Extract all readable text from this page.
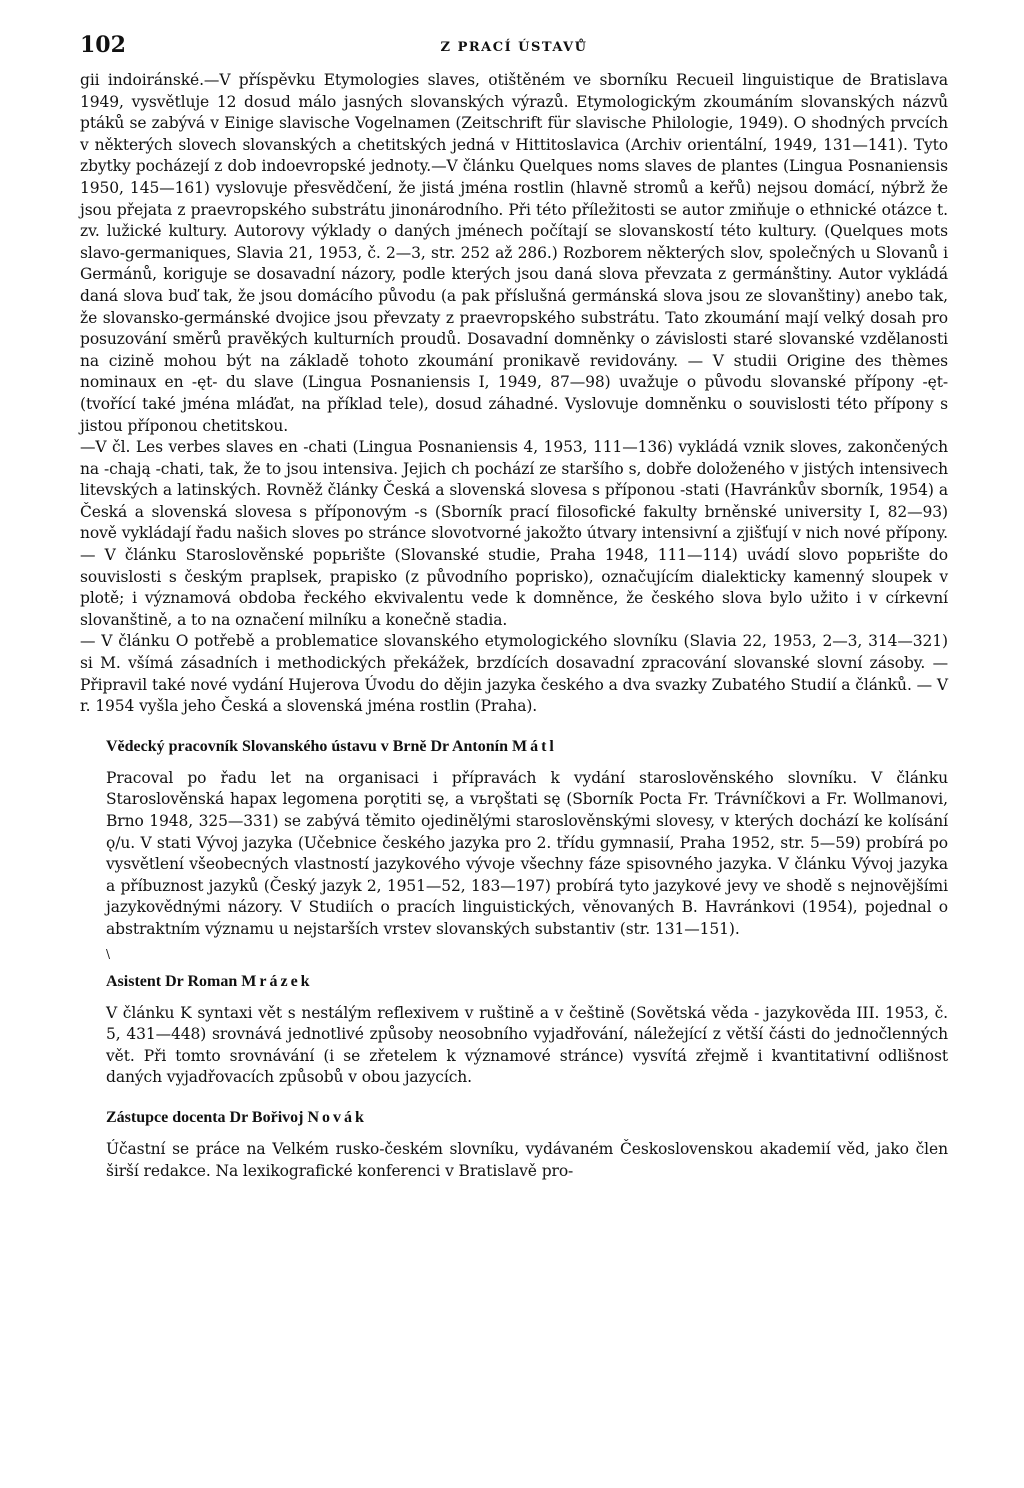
102	Z PRACÍ ÚSTAVŮ

gii indoiránské.—V příspěvku Etymologies slaves, otištěném ve sborníku Recueil linguistique de Bratislava 1949, vysvětluje 12 dosud málo jasných slovanských výrazů. Etymologickým zkoumáním slovanských názvů ptáků se zabývá v Einige slavische Vogelnamen (Zeitschrift für slavische Philologie, 1949). O shodných prvcích v některých slovech slovanských a chetitských jedná v Hittitoslavica (Archiv orientální, 1949, 131—141). Tyto zbytky pocházejí z dob indoevropské jednoty.—V článku Quelques noms slaves de plantes (Lingua Posnaniensis 1950, 145—161) vyslovuje přesvědčení, že jistá jména rostlin (hlavně stromů a keřů) nejsou domácí, nýbrž že jsou přejata z praevropského substrátu jinonárodního. Při této příležitosti se autor zmiňuje o ethnické otázce t. zv. lužické kultury. Autorovy výklady o daných jménech počítají se slovanskostí této kultury. (Quelques mots slavo-germaniques, Slavia 21, 1953, č. 2—3, str. 252 až 286.) Rozborem některých slov, společných u Slovanů i Germánů, koriguje se dosavadní názory, podle kterých jsou daná slova převzata z germánštiny. Autor vykládá daná slova buď tak, že jsou domácího původu (a pak příslušná germánská slova jsou ze slovanštiny) anebo tak, že slovansko-germánské dvojice jsou převzaty z praevropského substrátu. Tato zkoumání mají velký dosah pro posuzování směrů pravěkých kulturních proudů. Dosavadní domněnky o závislosti staré slovanské vzdělanosti na cizině mohou být na základě tohoto zkoumání pronikavě revidovány. — V studii Origine des thèmes nominaux en -ęt- du slave (Lingua Posnaniensis I, 1949, 87—98) uvažuje o původu slovanské přípony -ęt- (tvořící také jména mláďat, na příklad tele), dosud záhadné. Vyslovuje domněnku o souvislosti této přípony s jistou příponou chetitskou.

—V čl. Les verbes slaves en -chati (Lingua Posnaniensis 4, 1953, 111—136) vykládá vznik sloves, zakončených na -chają -chati, tak, že to jsou intensiva. Jejich ch pochází ze staršího s, dobře doloženého v jistých intensivech litevských a latinských. Rovněž články Česká a slovenská slovesa s příponou -stati (Havránkův sborník, 1954) a Česká a slovenská slovesa s příponovým -s (Sborník prací filosofické fakulty brněnské university I, 82—93) nově vykládají řadu našich sloves po stránce slovotvorné jakožto útvary intensivní a zjišťují v nich nové přípony. — V článku Staroslověnské popьrište (Slovanské studie, Praha 1948, 111—114) uvádí slovo popьrište do souvislosti s českým praplsek, prapisko (z původního poprisko), označujícím dialekticky kamenný sloupek v plotě; i významová obdoba řeckého ekvivalentu vede k domněnce, že českého slova bylo užito i v církevní slovanštině, a to na označení milníku a konečně stadia.

— V článku O potřebě a problematice slovanského etymologického slovníku (Slavia 22, 1953, 2—3, 314—321) si M. všímá zásadních i methodických překážek, brzdících dosavadní zpracování slovanské slovní zásoby. — Připravil také nové vydání Hujerova Úvodu do dějin jazyka českého a dva svazky Zubatého Studií a článků. — V r. 1954 vyšla jeho Česká a slovenská jména rostlin (Praha).

Vědecký pracovník Slovanského ústavu v Brně Dr Antonín Mátl

Pracoval po řadu let na organisaci i přípravách k vydání staroslověnského slovníku. V článku Staroslověnská hapax legomena porǫtiti sę, a vьrǫštati sę (Sborník Pocta Fr. Trávníčkovi a Fr. Wollmanovi, Brno 1948, 325—331) se zabývá těmito ojedinělými staroslověnskými slovesy, v kterých dochází ke kolísání ǫ/u. V stati Vývoj jazyka (Učebnice českého jazyka pro 2. třídu gymnasií, Praha 1952, str. 5—59) probírá po vysvětlení všeobecných vlastností jazykového vývoje všechny fáze spisovného jazyka. V článku Vývoj jazyka a příbuznost jazyků (Český jazyk 2, 1951—52, 183—197) probírá tyto jazykové jevy ve shodě s nejnovějšími jazykovědnými názory. V Studiích o pracích linguistických, věnovaných B. Havránkovi (1954), pojednal o abstraktním významu u nejstarších vrstev slovanských substantiv (str. 131—151).

\
Asistent Dr Roman Mrázek

V článku K syntaxi vět s nestálým reflexivem v ruštině a v češtině (Sovětská věda - jazykověda III. 1953, č. 5, 431—448) srovnává jednotlivé způsoby neosobního vyjadřování, náležející z větší části do jednočlenných vět. Při tomto srovnávání (i se zřetelem k významové stránce) vysvítá zřejmě i kvantitativní odlišnost daných vyjadřovacích způsobů v obou jazycích.

Zástupce docenta Dr Bořivoj Novák

Účastní se práce na Velkém rusko-českém slovníku, vydávaném Československou akademií věd, jako člen širší redakce. Na lexikografické konferenci v Bratislavě pro-
